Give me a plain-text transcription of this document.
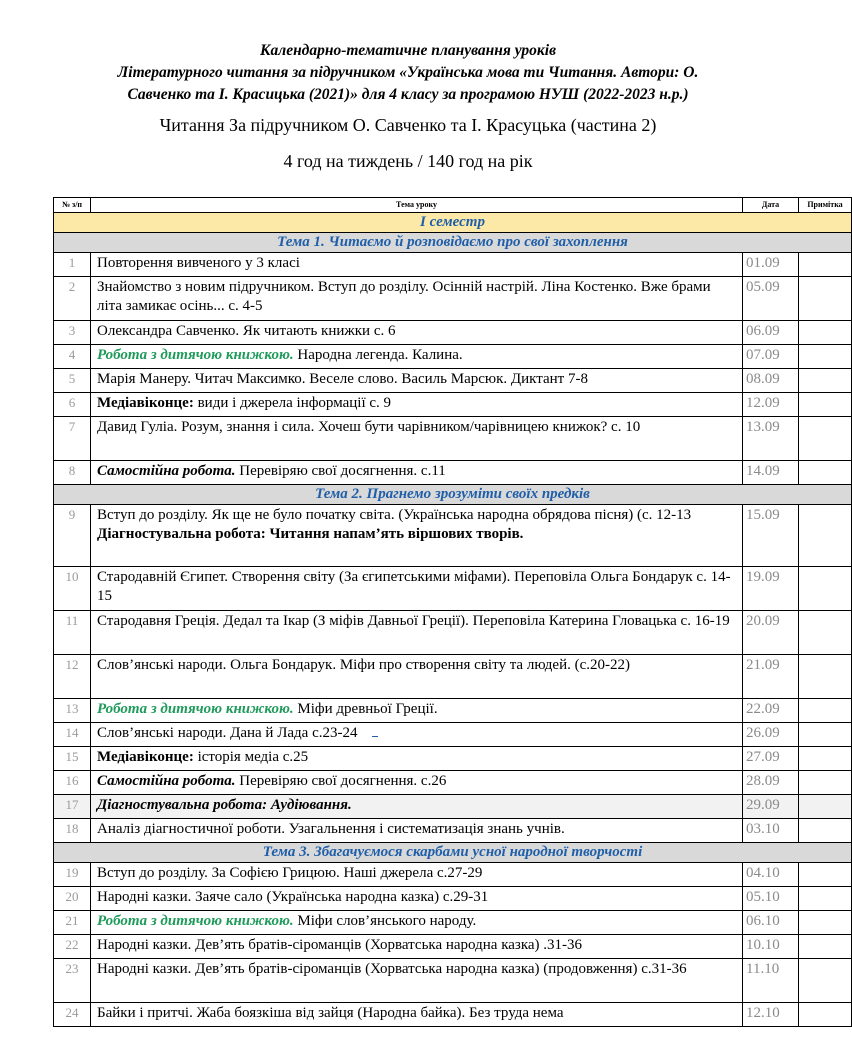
Календарно-тематичне планування уроків
Літературного читання за підручником «Українська мова ти Читання. Автори: О.
Савченко та І. Красицька (2021)» для 4 класу за програмою НУШ (2022-2023 н.р.)
Читання За підручником О. Савченко та І. Красуцька (частина 2)
4 год на тиждень / 140 год на рік
№ з/п	Тема уроку	Дата	Примітка
І семестр			
Тема 1. Читаємо й розповідаємо про свої захоплення			
1	Повторення вивченого у 3 класі	01.09	
2	Знайомство з новим підручником. Вступ до розділу. Осінній настрій. Ліна Костенко. Вже брами літа замикає осінь... с. 4-5	05.09	
3	Олександра Савченко. Як читають книжки с. 6	06.09	
4	Робота з дитячою книжкою. Народна легенда. Калина.	07.09	
5	Марія Манеру. Читач Максимко. Веселе слово. Василь Марсюк. Диктант 7-8	08.09	
6	Медіавіконце: види і джерела інформації с. 9	12.09	
7	Давид Гуліа. Розум, знання і сила. Хочеш бути чарівником/чарівницею книжок? с. 10	13.09	
8	Самостійна робота. Перевіряю свої досягнення. с.11	14.09	
Тема 2. Прагнемо зрозуміти своїх предків			
9	Вступ до розділу. Як ще не було початку світа. (Українська народна обрядова пісня) (с. 12-13 Діагностувальна робота: Читання напам’ять віршових творів.	15.09	
10	Стародавній Єгипет. Створення світу (За єгипетськими міфами). Переповіла Ольга Бондарук с. 14-15	19.09	
11	Стародавня Греція. Дедал та Ікар (З міфів Давньої Греції). Переповіла Катерина Гловацька с. 16-19	20.09	
12	Слов’янські народи. Ольга Бондарук. Міфи про створення світу та людей. (с.20-22)	21.09	
13	Робота з дитячою книжкою. Міфи древньої Греції.	22.09	
14	Слов’янські народи. Дана й Лада с.23-24	26.09	
15	Медіавіконце: історія медіа с.25	27.09	
16	Самостійна робота. Перевіряю свої досягнення. с.26	28.09	
17	Діагностувальна робота: Аудіювання.	29.09	
18	Аналіз діагностичної роботи. Узагальнення і систематизація знань учнів.	03.10	
Тема 3. Збагачуємося скарбами усної народної творчості			
19	Вступ до розділу. За Софією Грицюю. Наші джерела с.27-29	04.10	
20	Народні казки. Заяче сало (Українська народна казка) с.29-31	05.10	
21	Робота з дитячою книжкою. Міфи слов’янського народу.	06.10	
22	Народні казки. Дев’ять братів-сіроманців (Хорватська народна казка) .31-36	10.10	
23	Народні казки. Дев’ять братів-сіроманців (Хорватська народна казка) (продовження) с.31-36	11.10	
24	Байки і притчі. Жаба боязкіша від зайця (Народна байка). Без труда нема	12.10	
